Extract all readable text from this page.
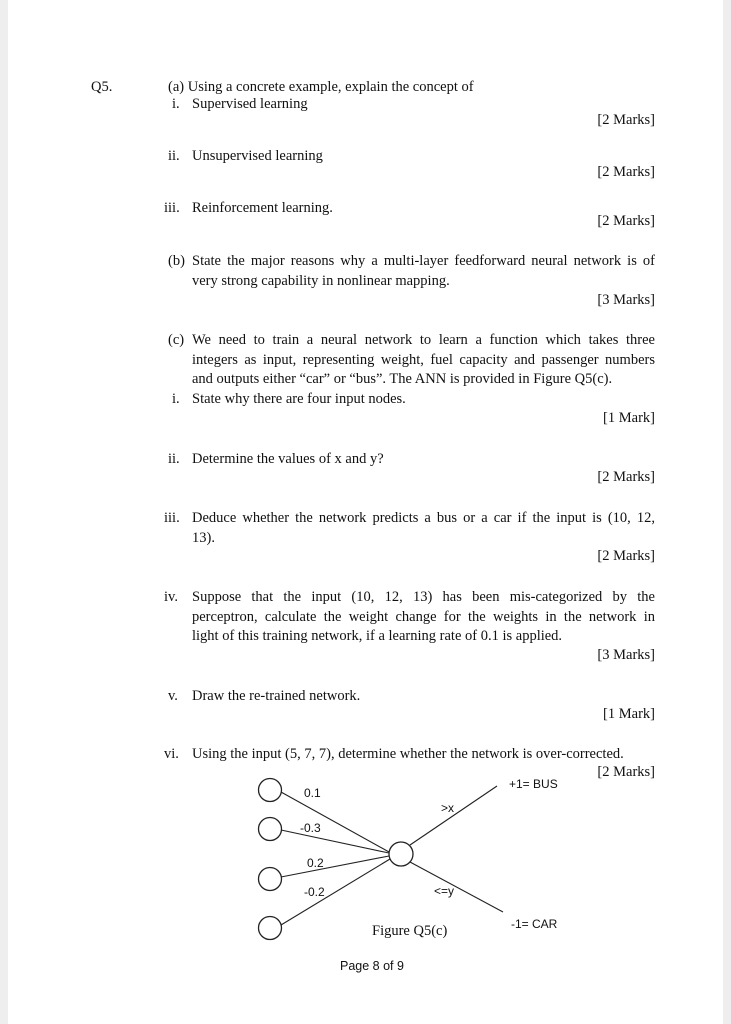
Q5.	(a) Using a concrete example, explain the concept of
i. Supervised learning
[2 Marks]
ii. Unsupervised learning
[2 Marks]
iii. Reinforcement learning.
[2 Marks]
(b) State the major reasons why a multi-layer feedforward neural network is of
very strong capability in nonlinear mapping.
[3 Marks]
(c) We need to train a neural network to learn a function which takes three
integers as input, representing weight, fuel capacity and passenger numbers
and outputs either “car” or “bus”. The ANN is provided in Figure Q5(c).
i. State why there are four input nodes.
[1 Mark]
ii. Determine the values of x and y?
[2 Marks]
iii. Deduce whether the network predicts a bus or a car if the input is (10, 12,
13).
[2 Marks]
iv. Suppose that the input (10, 12, 13) has been mis-categorized by the
perceptron, calculate the weight change for the weights in the network in
light of this training network, if a learning rate of 0.1 is applied.
[3 Marks]
v. Draw the re-trained network.
[1 Mark]
vi. Using the input (5, 7, 7), determine whether the network is over-corrected.
[2 Marks]
0.1
-0.3
0.2
-0.2
>x
<=y
+1= BUS
-1= CAR
Figure Q5(c)
Page 8 of 9
